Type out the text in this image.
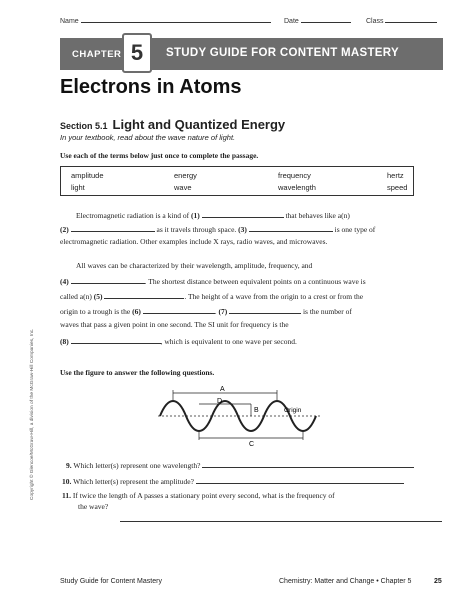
Name	Date	Class
CHAPTER 5	STUDY GUIDE FOR CONTENT MASTERY
Electrons in Atoms
Section 5.1 Light and Quantized Energy
In your textbook, read about the wave nature of light.
Use each of the terms below just once to complete the passage.
amplitude	energy	frequency	hertz
light	wave	wavelength	speed
Electromagnetic radiation is a kind of (1)	that behaves like a(n)
(2)	as it travels through space. (3)	is one type of
electromagnetic radiation. Other examples include X rays, radio waves, and microwaves.
All waves can be characterized by their wavelength, amplitude, frequency, and
(4)	. The shortest distance between equivalent points on a continuous wave is
called a(n) (5)	. The height of a wave from the origin to a crest or from the
origin to a trough is the (6)	. (7)	is the number of
waves that pass a given point in one second. The SI unit for frequency is the
(8)	, which is equivalent to one wave per second.
Use the figure to answer the following questions.
A
D
B
C
Origin
9. Which letter(s) represent one wavelength?
10. Which letter(s) represent the amplitude?
11. If twice the length of A passes a stationary point every second, what is the frequency of
the wave?
Copyright © Glencoe/McGraw-Hill, a division of the McGraw-Hill Companies, Inc.
Study Guide for Content Mastery	Chemistry: Matter and Change • Chapter 5	25
